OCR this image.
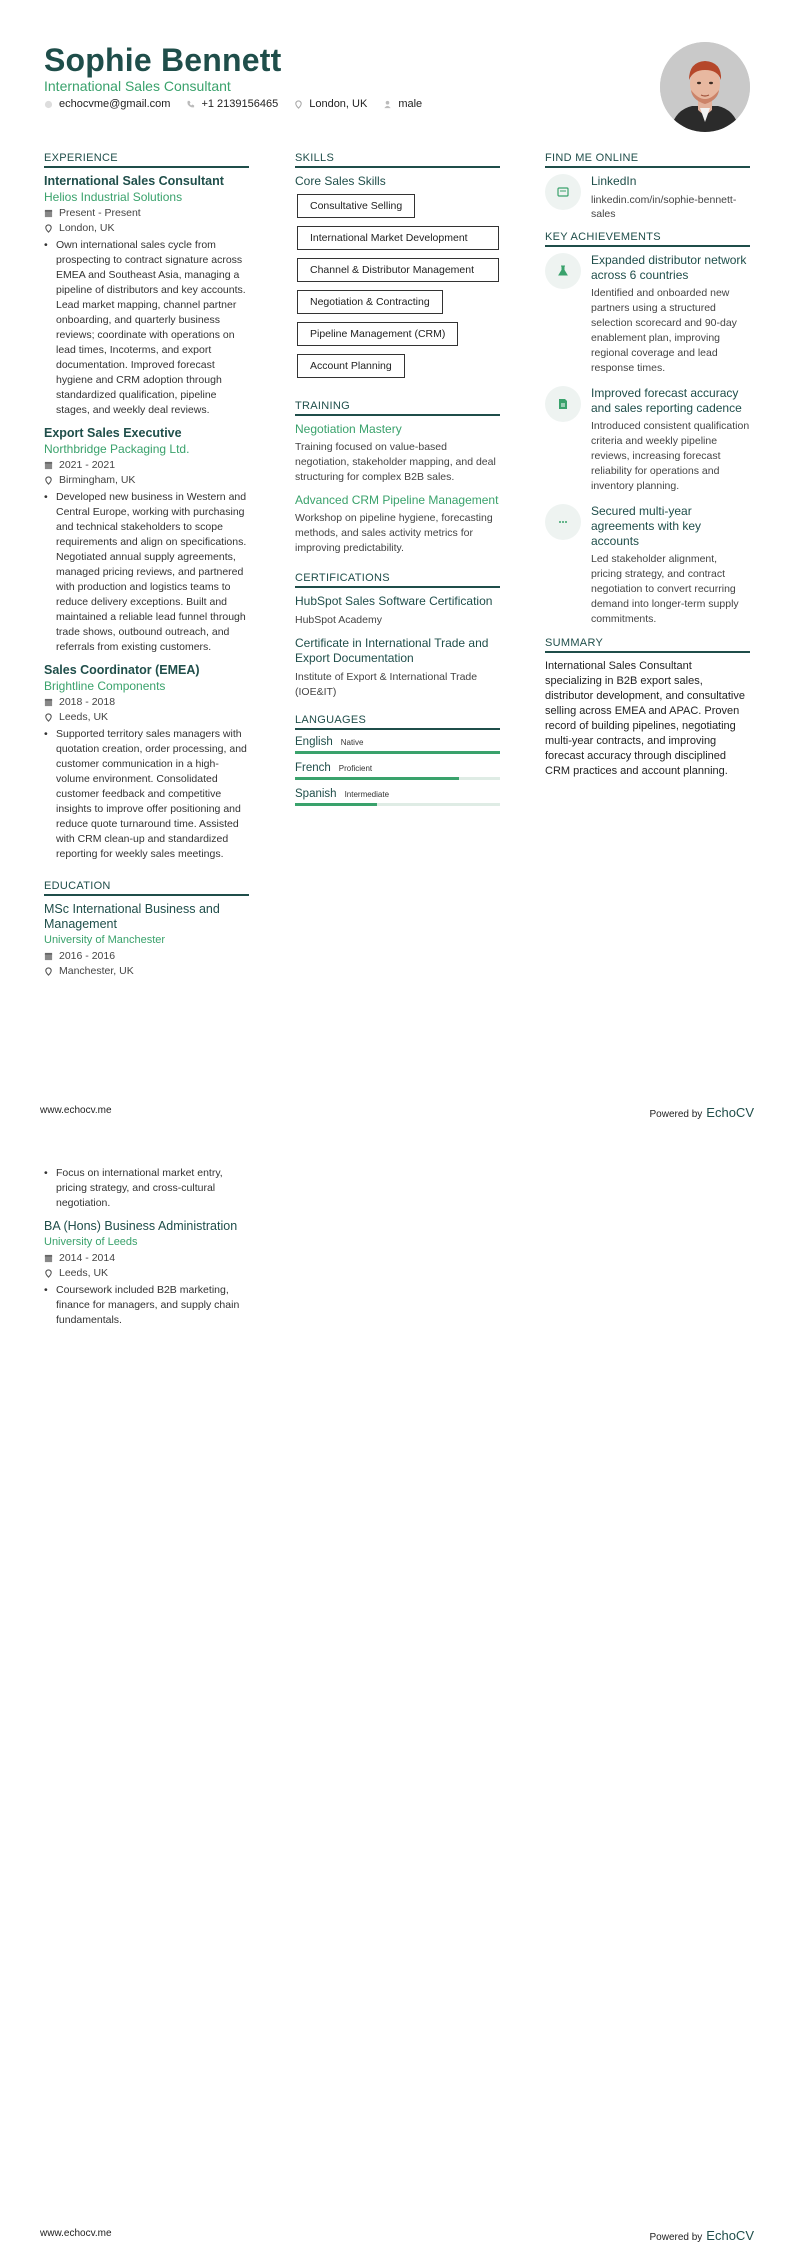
Sophie Bennett
International Sales Consultant
echocvme@gmail.com	+1 2139156465	London, UK	male
EXPERIENCE
International Sales Consultant
Helios Industrial Solutions
Present - Present
London, UK
• Own international sales cycle from prospecting to contract signature across EMEA and Southeast Asia, managing a pipeline of distributors and key accounts. Lead market mapping, channel partner onboarding, and quarterly business reviews; coordinate with operations on lead times, Incoterms, and export documentation. Improved forecast hygiene and CRM adoption through standardized qualification, pipeline stages, and weekly deal reviews.
Export Sales Executive
Northbridge Packaging Ltd.
2021 - 2021
Birmingham, UK
• Developed new business in Western and Central Europe, working with purchasing and technical stakeholders to scope requirements and align on specifications. Negotiated annual supply agreements, managed pricing reviews, and partnered with production and logistics teams to reduce delivery exceptions. Built and maintained a reliable lead funnel through trade shows, outbound outreach, and referrals from existing customers.
Sales Coordinator (EMEA)
Brightline Components
2018 - 2018
Leeds, UK
• Supported territory sales managers with quotation creation, order processing, and customer communication in a high-volume environment. Consolidated customer feedback and competitive insights to improve offer positioning and reduce quote turnaround time. Assisted with CRM clean-up and standardized reporting for weekly sales meetings.
EDUCATION
MSc International Business and Management
University of Manchester
2016 - 2016
Manchester, UK
SKILLS
Core Sales Skills
Consultative Selling
International Market Development
Channel & Distributor Management
Negotiation & Contracting
Pipeline Management (CRM)
Account Planning
TRAINING
Negotiation Mastery
Training focused on value-based negotiation, stakeholder mapping, and deal structuring for complex B2B sales.
Advanced CRM Pipeline Management
Workshop on pipeline hygiene, forecasting methods, and sales activity metrics for improving predictability.
CERTIFICATIONS
HubSpot Sales Software Certification
HubSpot Academy
Certificate in International Trade and Export Documentation
Institute of Export & International Trade (IOE&IT)
LANGUAGES
English Native
French Proficient
Spanish Intermediate
FIND ME ONLINE
LinkedIn
linkedin.com/in/sophie-bennett-sales
KEY ACHIEVEMENTS
Expanded distributor network across 6 countries
Identified and onboarded new partners using a structured selection scorecard and 90-day enablement plan, improving regional coverage and lead response times.
Improved forecast accuracy and sales reporting cadence
Introduced consistent qualification criteria and weekly pipeline reviews, increasing forecast reliability for operations and inventory planning.
Secured multi-year agreements with key accounts
Led stakeholder alignment, pricing strategy, and contract negotiation to convert recurring demand into longer-term supply commitments.
SUMMARY
International Sales Consultant specializing in B2B export sales, distributor development, and consultative selling across EMEA and APAC. Proven record of building pipelines, negotiating multi-year contracts, and improving forecast accuracy through disciplined CRM practices and account planning.
www.echocv.me	Powered by EchoCV
• Focus on international market entry, pricing strategy, and cross-cultural negotiation.
BA (Hons) Business Administration
University of Leeds
2014 - 2014
Leeds, UK
• Coursework included B2B marketing, finance for managers, and supply chain fundamentals.
www.echocv.me	Powered by EchoCV
